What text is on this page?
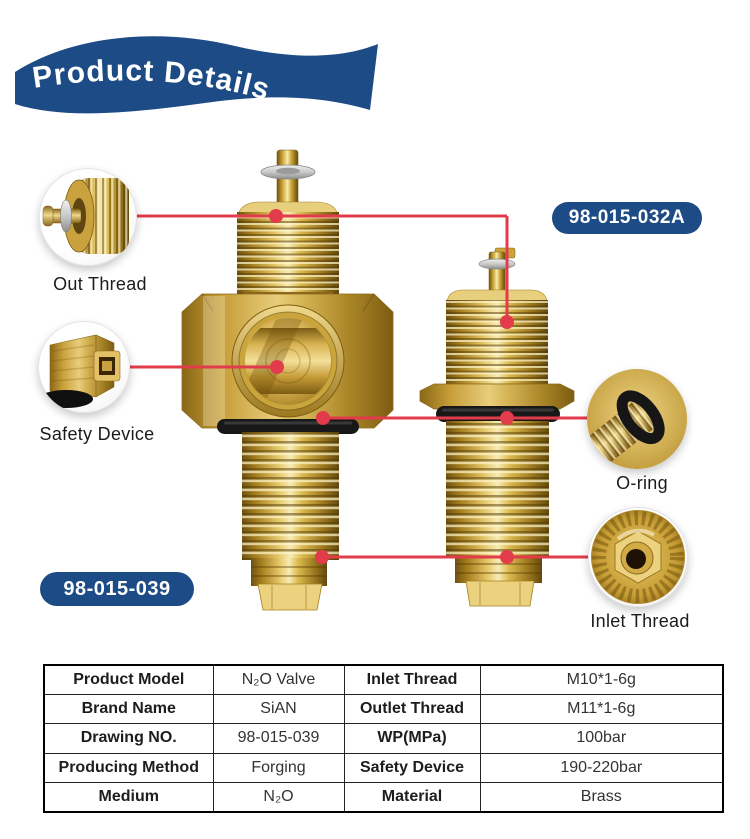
Product Details
Out Thread
Safety Device
O-ring
Inlet Thread
98-015-032A
98-015-039
Product Model	N₂O Valve	Inlet Thread	M10*1-6g
Brand Name	SiAN	Outlet Thread	M11*1-6g
Drawing NO.	98-015-039	WP(MPa)	100bar
Producing Method	Forging	Safety Device	190-220bar
Medium	N₂O	Material	Brass
